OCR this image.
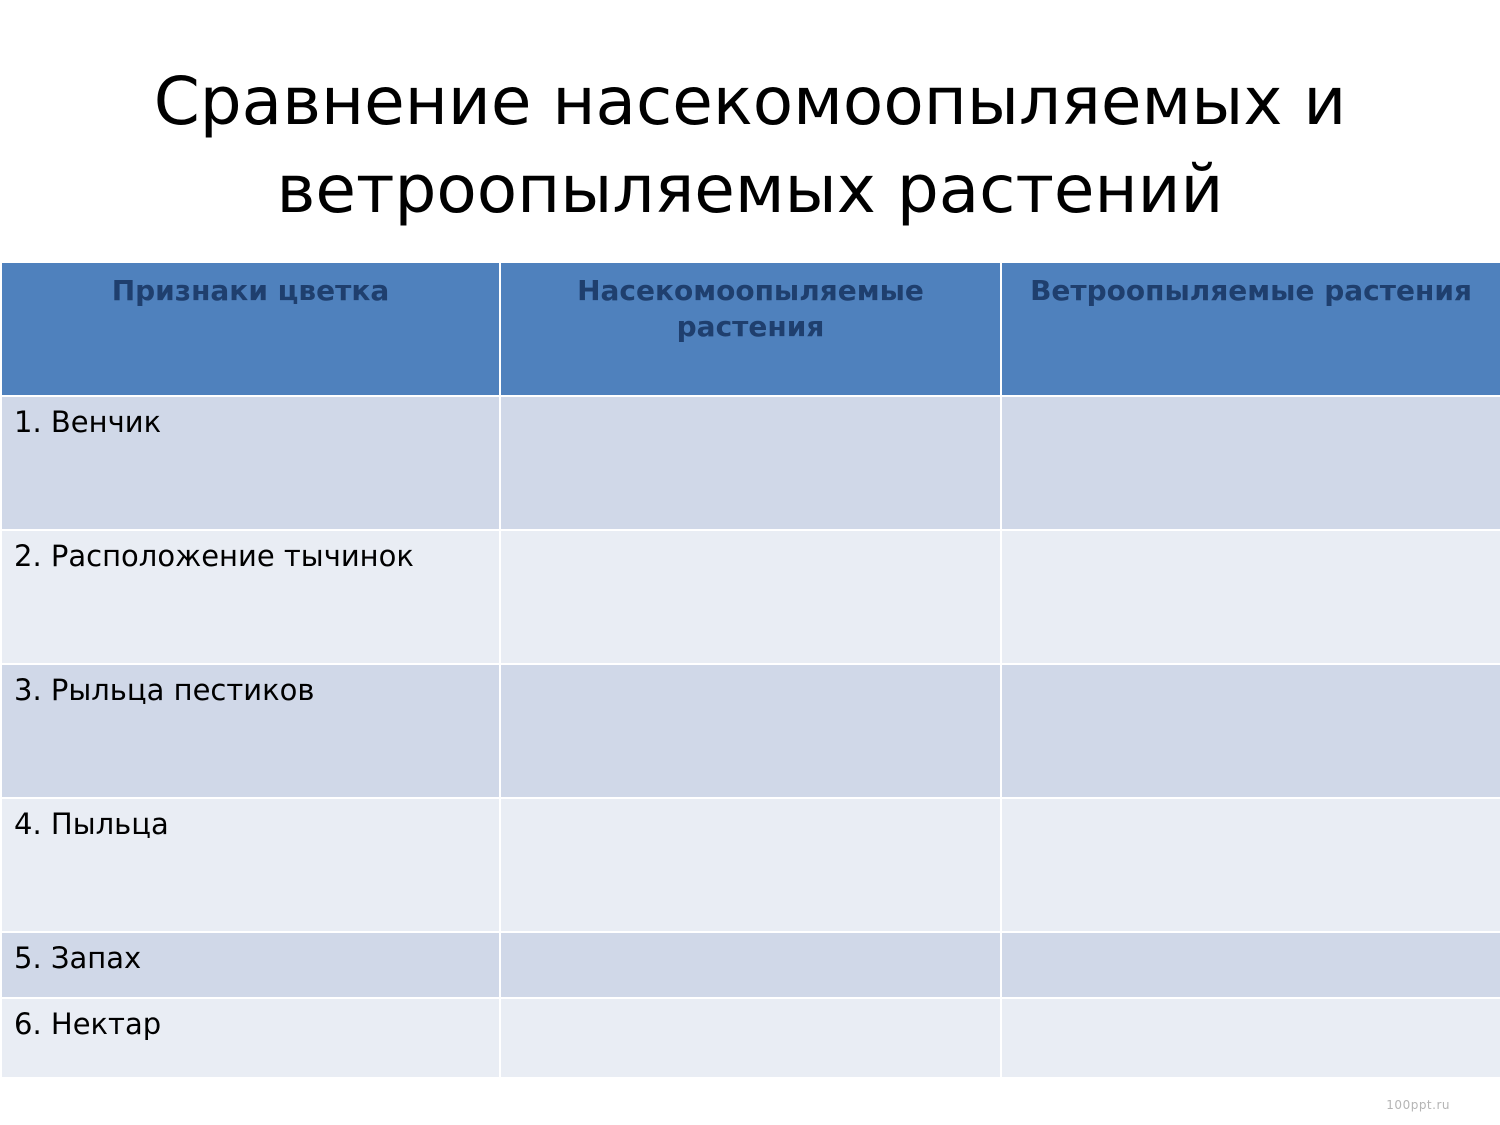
Сравнение насекомоопыляемых и
ветроопыляемых растений
Признаки цветка	Насекомоопыляемые растения	Ветроопыляемые растения
1. Венчик		
2. Расположение тычинок		
3. Рыльца пестиков		
4. Пыльца		
5. Запах		
6. Нектар		
100ppt.ru
